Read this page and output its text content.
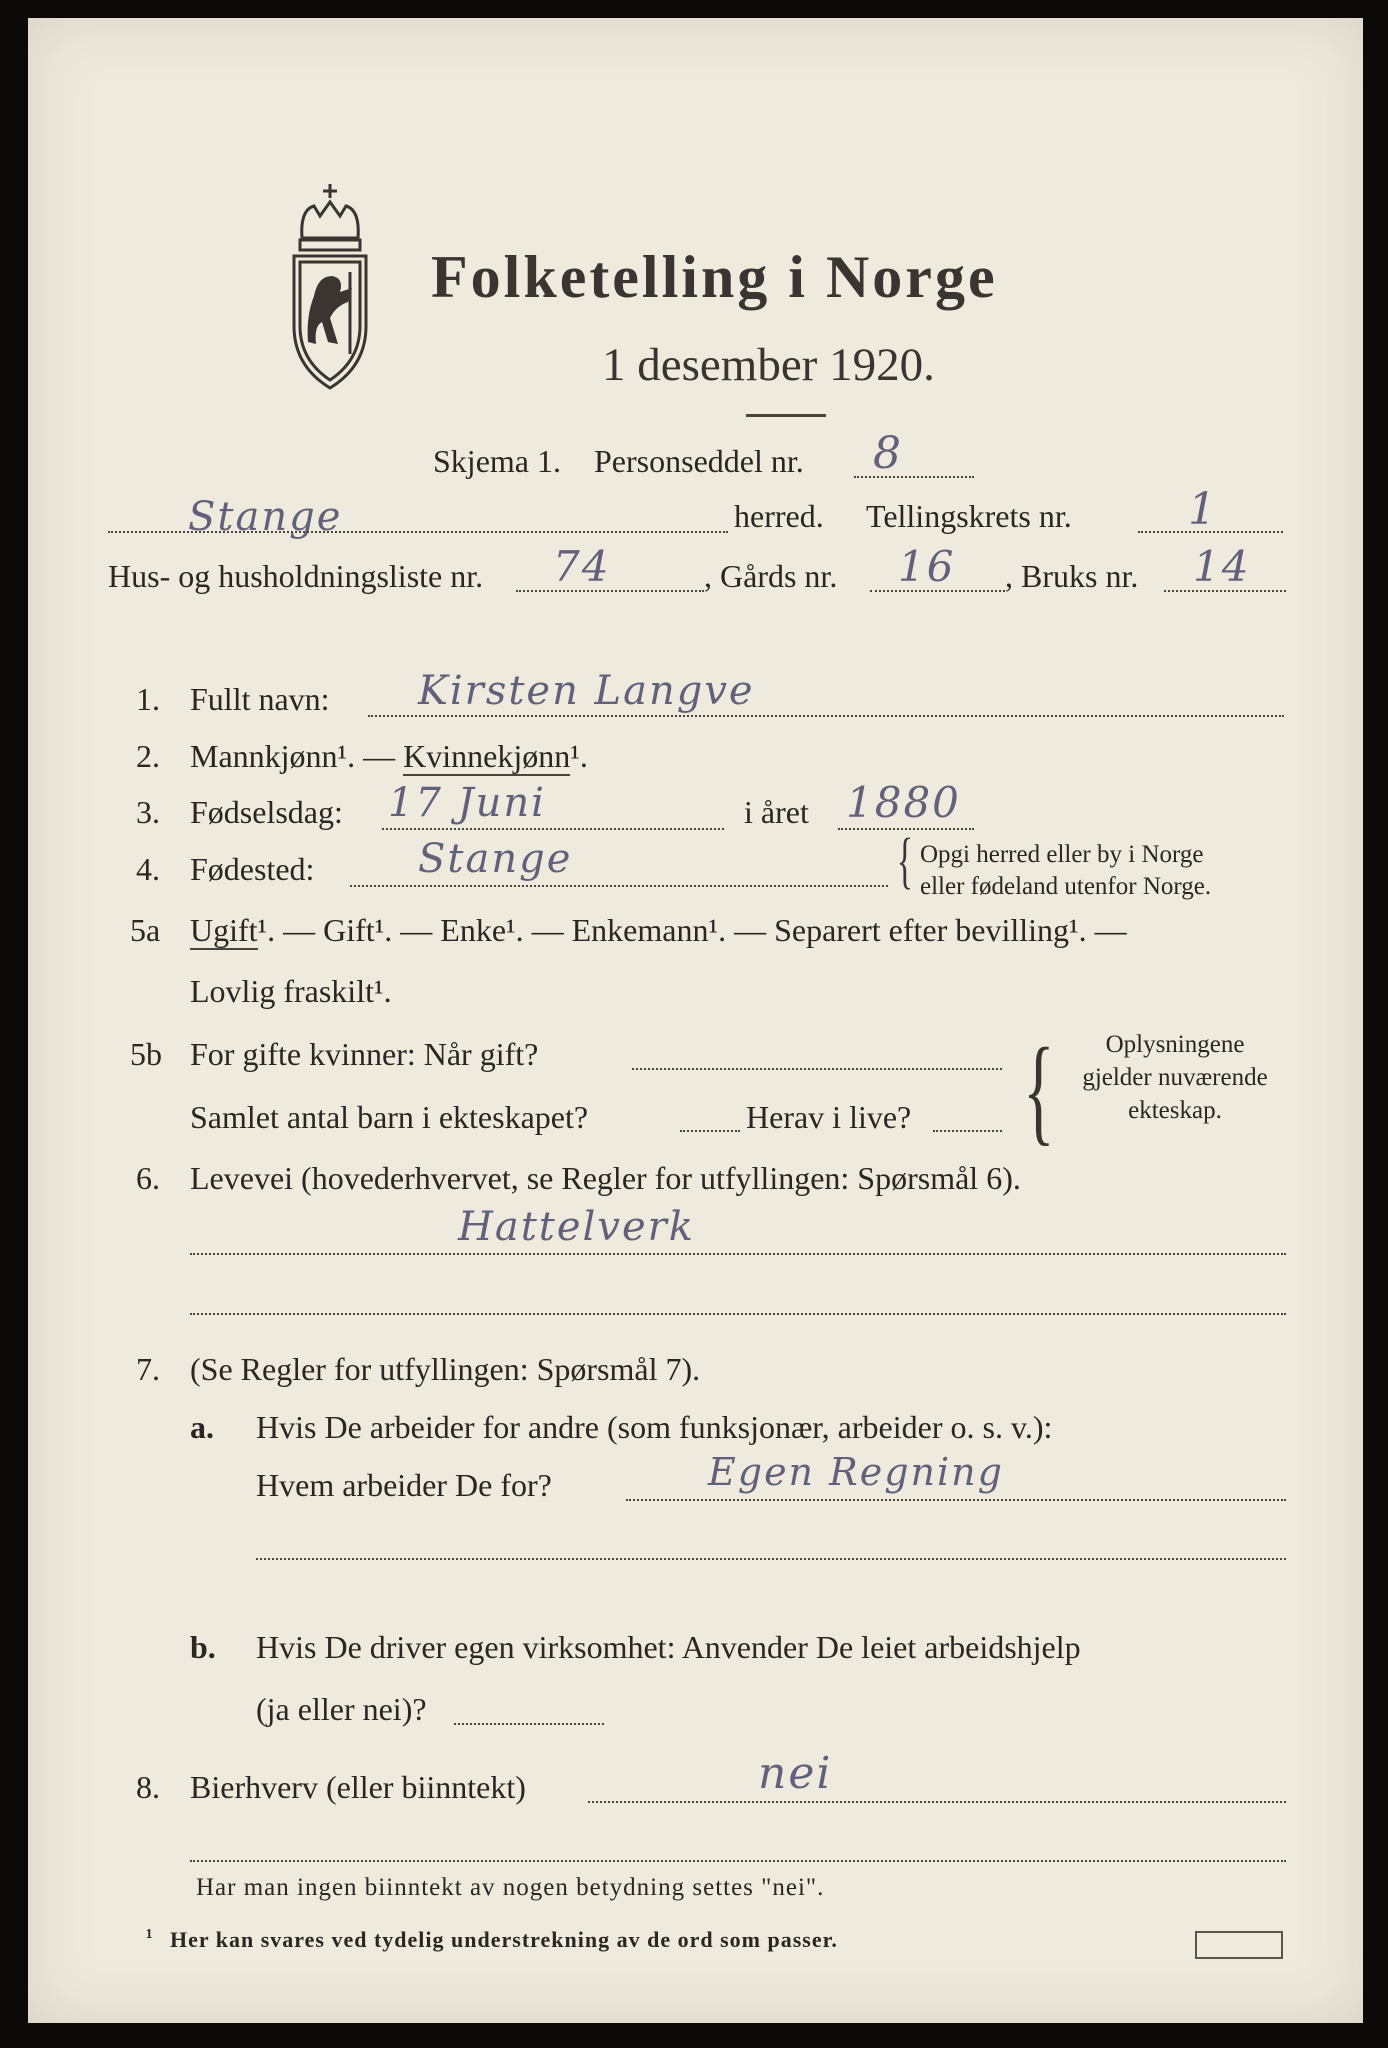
Folketelling i Norge
1 desember 1920.
Skjema 1. Personseddel nr. 8
Stange	herred. Tellingskrets nr.	1
Hus- og husholdningsliste nr. 74	, Gårds nr. 16 , Bruks nr. 14
1. Fullt navn: Kirsten Langve
2. Mannkjønn¹. — Kvinnekjønn¹.
3. Fødselsdag: 17 Juni	i året 1880
4. Fødested:	Stange	{ Opgi herred eller by i Norge
eller fødeland utenfor Norge.
5a Ugift¹. — Gift¹. — Enke¹. — Enkemann¹. — Separert efter bevilling¹. —
Lovlig fraskilt¹.
5b For gifte kvinner: Når gift?
Samlet antal barn i ekteskapet?	Herav i live? {	Oplysningene
gjelder nuværende
ekteskap.
6. Levevei (hovederhvervet, se Regler for utfyllingen: Spørsmål 6).
Hattelverk
7. (Se Regler for utfyllingen: Spørsmål 7).
a. Hvis De arbeider for andre (som funksjonær, arbeider o. s. v.):
Hvem arbeider De for?	Egen Regning
b. Hvis De driver egen virksomhet: Anvender De leiet arbeidshjelp
(ja eller nei)?
8. Bierhverv (eller biinntekt)	nei
Har man ingen biinntekt av nogen betydning settes "nei".
¹ Her kan svares ved tydelig understrekning av de ord som passer.
